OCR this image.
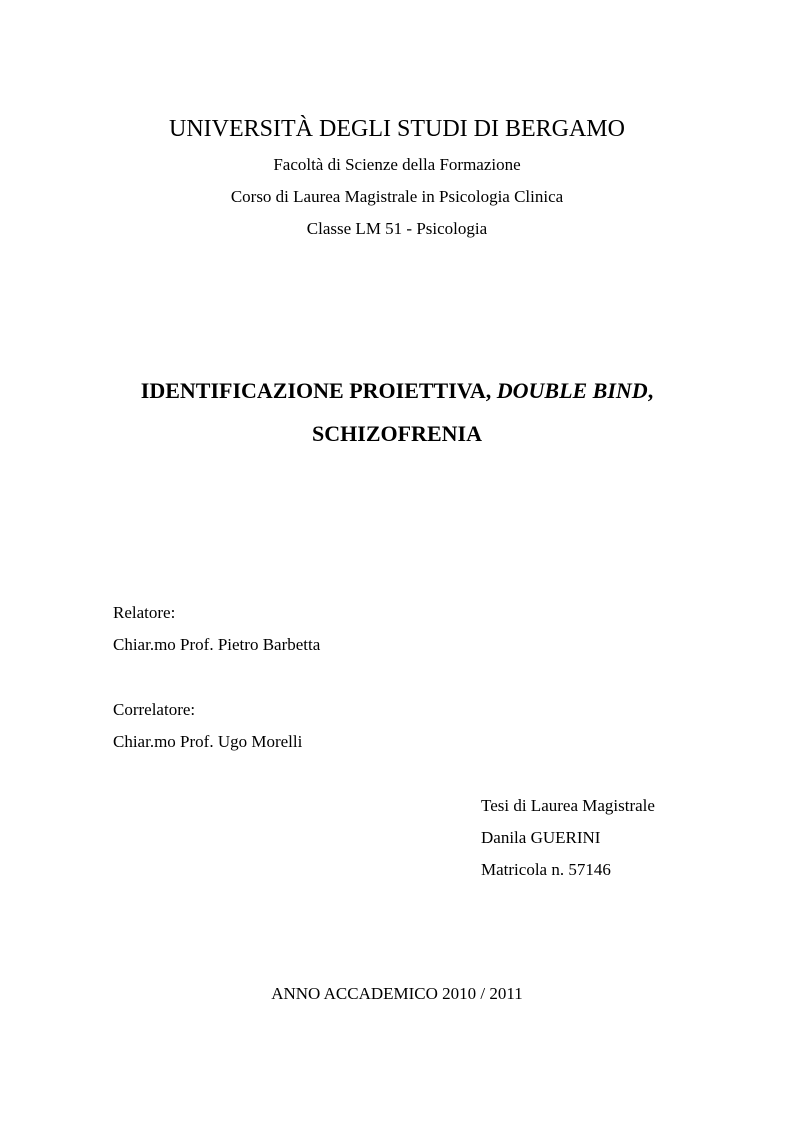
UNIVERSITÀ DEGLI STUDI DI BERGAMO
Facoltà di Scienze della Formazione
Corso di Laurea Magistrale in Psicologia Clinica
Classe LM 51 - Psicologia
IDENTIFICAZIONE PROIETTIVA, DOUBLE BIND,
SCHIZOFRENIA
Relatore:
Chiar.mo Prof. Pietro Barbetta
Correlatore:
Chiar.mo Prof. Ugo Morelli
Tesi di Laurea Magistrale
Danila GUERINI
Matricola n. 57146
ANNO ACCADEMICO 2010 / 2011
